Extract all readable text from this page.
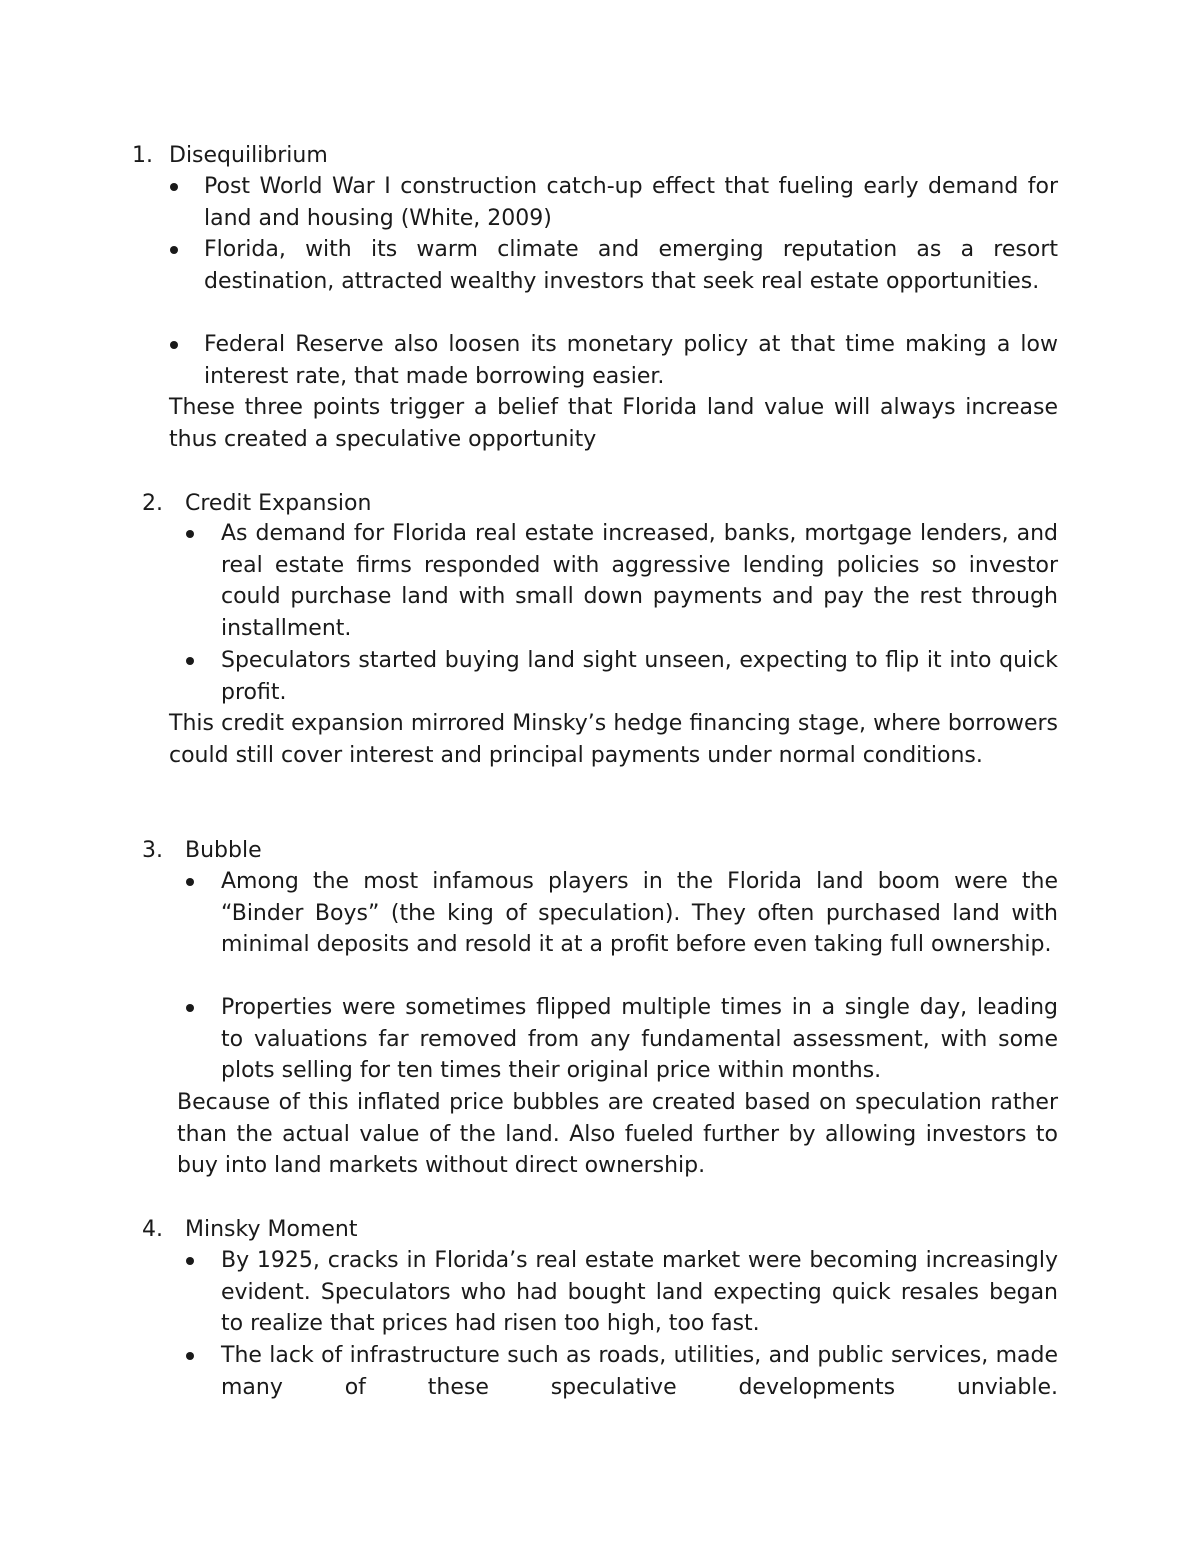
1. Disequilibrium
Post World War I construction catch-up effect that fueling early demand for land and housing (White, 2009)
Florida, with its warm climate and emerging reputation as a resort destination, attracted wealthy investors that seek real estate opportunities.
Federal Reserve also loosen its monetary policy at that time making a low interest rate, that made borrowing easier.
These three points trigger a belief that Florida land value will always increase thus created a speculative opportunity
2. Credit Expansion
As demand for Florida real estate increased, banks, mortgage lenders, and real estate firms responded with aggressive lending policies so investor could purchase land with small down payments and pay the rest through installment.
Speculators started buying land sight unseen, expecting to flip it into quick profit.
This credit expansion mirrored Minsky’s hedge financing stage, where borrowers could still cover interest and principal payments under normal conditions.
3. Bubble
Among the most infamous players in the Florida land boom were the “Binder Boys” (the king of speculation). They often purchased land with minimal deposits and resold it at a profit before even taking full ownership.
Properties were sometimes flipped multiple times in a single day, leading to valuations far removed from any fundamental assessment, with some plots selling for ten times their original price within months.
Because of this inflated price bubbles are created based on speculation rather than the actual value of the land. Also fueled further by allowing investors to buy into land markets without direct ownership.
4. Minsky Moment
By 1925, cracks in Florida’s real estate market were becoming increasingly evident. Speculators who had bought land expecting quick resales began to realize that prices had risen too high, too fast.
The lack of infrastructure such as roads, utilities, and public services, made many of these speculative developments unviable.
